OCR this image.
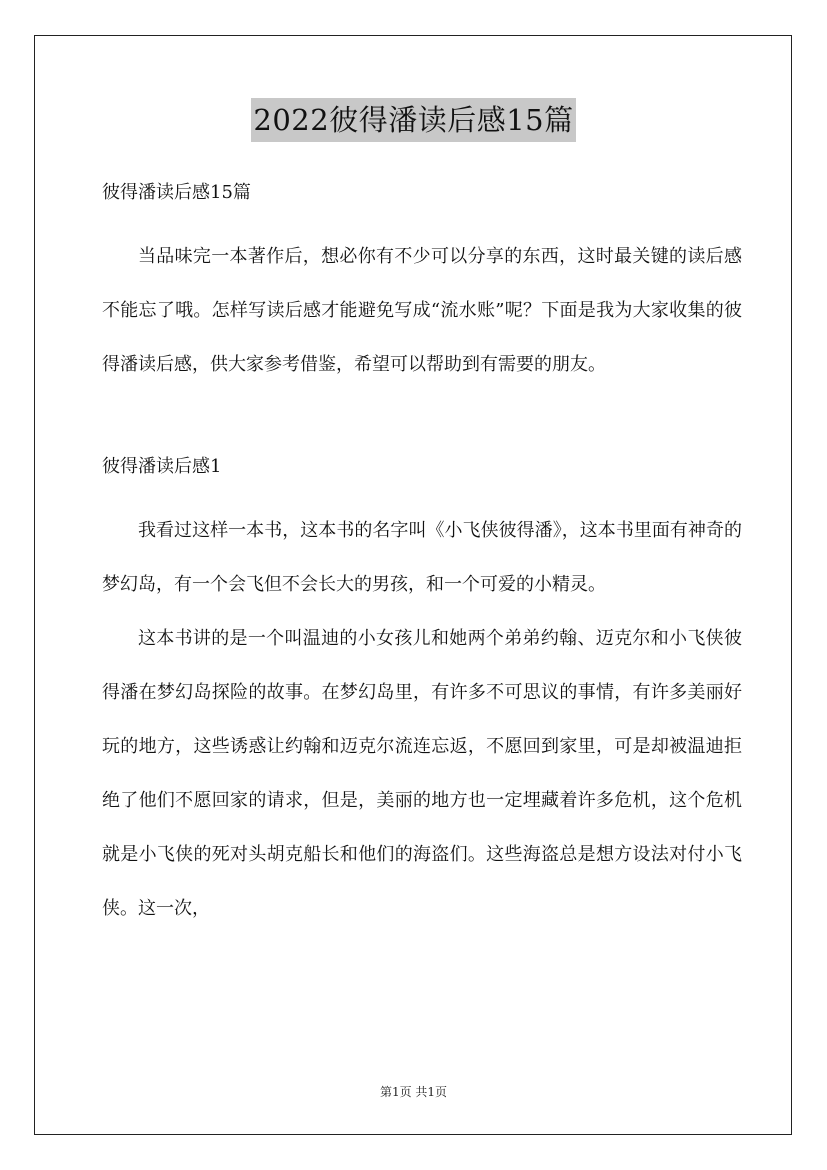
2022彼得潘读后感15篇

彼得潘读后感15篇

当品味完一本著作后，想必你有不少可以分享的东西，这时最关键的读后感不能忘了哦。怎样写读后感才能避免写成“流水账”呢？下面是我为大家收集的彼得潘读后感，供大家参考借鉴，希望可以帮助到有需要的朋友。

彼得潘读后感1

我看过这样一本书，这本书的名字叫《小飞侠彼得潘》，这本书里面有神奇的梦幻岛，有一个会飞但不会长大的男孩，和一个可爱的小精灵。

这本书讲的是一个叫温迪的小女孩儿和她两个弟弟约翰、迈克尔和小飞侠彼得潘在梦幻岛探险的故事。在梦幻岛里，有许多不可思议的事情，有许多美丽好玩的地方，这些诱惑让约翰和迈克尔流连忘返，不愿回到家里，可是却被温迪拒绝了他们不愿回家的请求，但是，美丽的地方也一定埋藏着许多危机，这个危机就是小飞侠的死对头胡克船长和他们的海盗们。这些海盗总是想方设法对付小飞侠。这一次，

第1页 共1页
